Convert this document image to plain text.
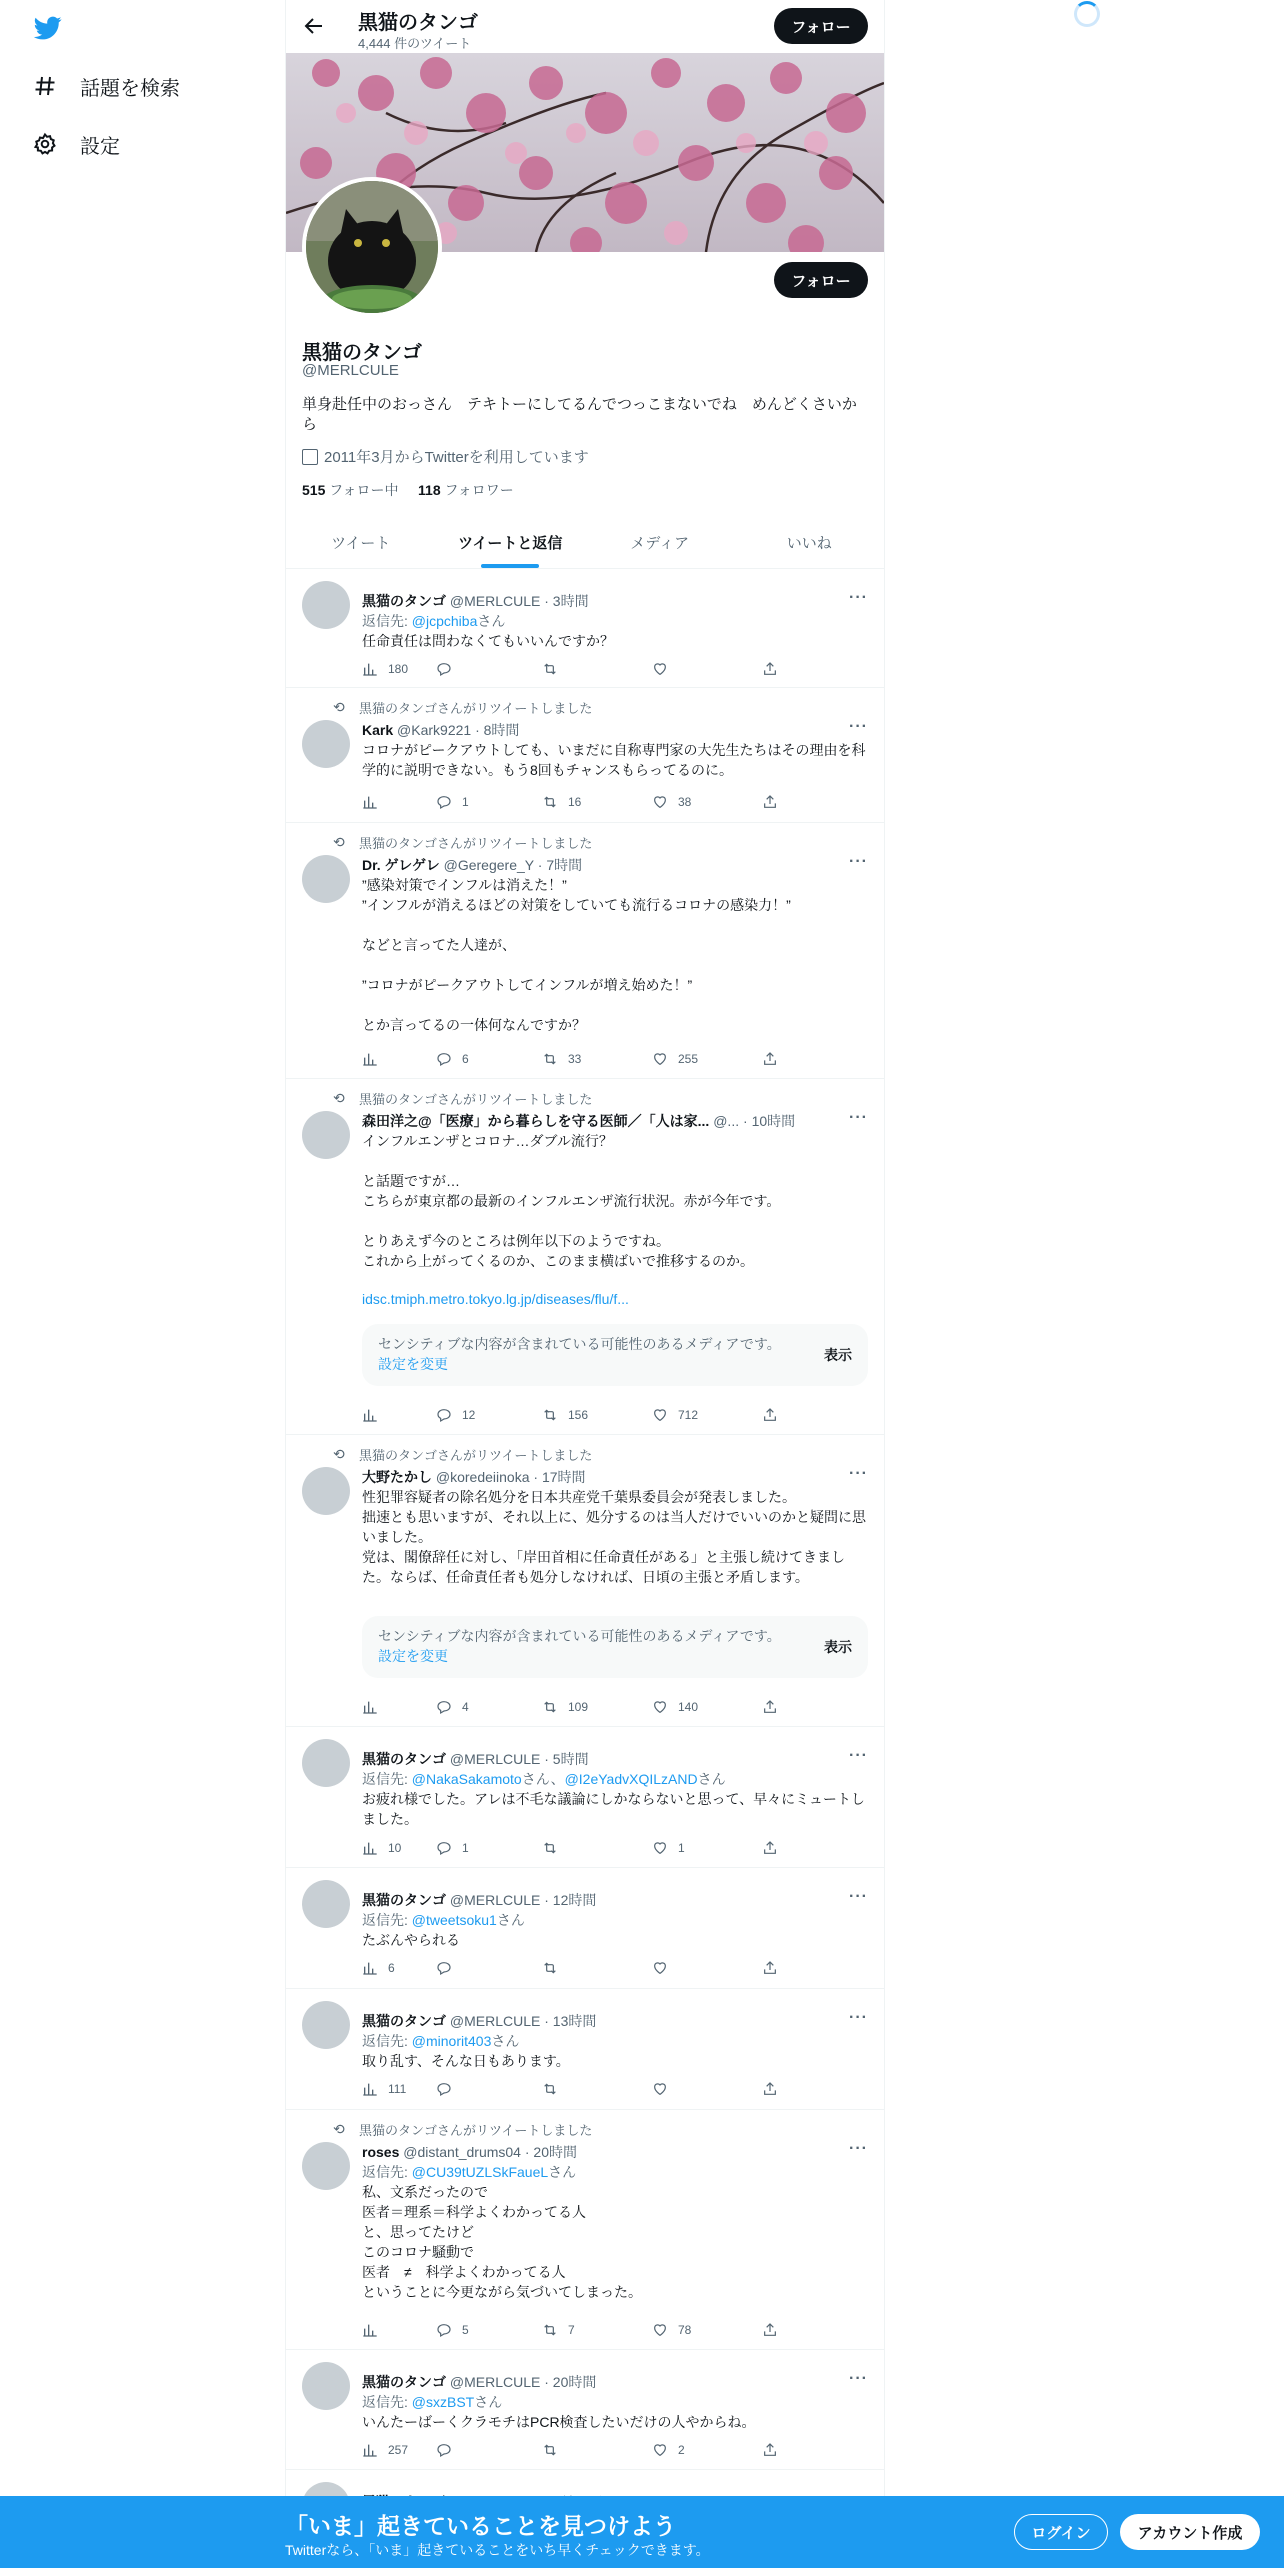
話題を検索
設定
黒猫のタンゴ
4,444 件のツイート
フォロー
フォロー
黒猫のタンゴ
@MERLCULE
単身赴任中のおっさん　テキトーにしてるんでつっこまないでね　めんどくさいから
2011年3月からTwitterを利用しています
515 フォロー中 118 フォロワー
ツイート	ツイートと返信	メディア	いいね
黒猫のタンゴ @MERLCULE · 3時間	···
返信先: @jcpchibaさん
任命責任は問わなくてもいいんですか？
180
⟲	黒猫のタンゴさんがリツイートしました
Kark @Kark9221 · 8時間	···
コロナがピークアウトしても、いまだに自称専門家の大先生たちはその理由を科学的に説明できない。もう8回もチャンスもらってるのに。
1	16	38
⟲	黒猫のタンゴさんがリツイートしました
Dr. ゲレゲレ @Geregere_Y · 7時間	···
”感染対策でインフルは消えた！”
”インフルが消えるほどの対策をしていても流行るコロナの感染力！”

などと言ってた人達が、

”コロナがピークアウトしてインフルが増え始めた！”

とか言ってるの一体何なんですか？
6	33	255
⟲	黒猫のタンゴさんがリツイートしました
森田洋之@「医療」から暮らしを守る医師／「人は家... @... · 10時間	···
インフルエンザとコロナ…ダブル流行？

と話題ですが…
こちらが東京都の最新のインフルエンザ流行状況。赤が今年です。

とりあえず今のところは例年以下のようですね。
これから上がってくるのか、このまま横ばいで推移するのか。
idsc.tmiph.metro.tokyo.lg.jp/diseases/flu/f...
センシティブな内容が含まれている可能性のあるメディアです。設定を変更
表示
12	156	712
⟲	黒猫のタンゴさんがリツイートしました
大野たかし @koredeiinoka · 17時間	···
性犯罪容疑者の除名処分を日本共産党千葉県委員会が発表しました。
拙速とも思いますが、それ以上に、処分するのは当人だけでいいのかと疑問に思いました。
党は、閣僚辞任に対し、「岸田首相に任命責任がある」と主張し続けてきました。ならば、任命責任者も処分しなければ、日頃の主張と矛盾します。
センシティブな内容が含まれている可能性のあるメディアです。設定を変更
表示
4	109	140
黒猫のタンゴ @MERLCULE · 5時間	···
返信先: @NakaSakamotoさん、@I2eYadvXQILzANDさん
お疲れ様でした。アレは不毛な議論にしかならないと思って、早々にミュートしました。
10	1	1
黒猫のタンゴ @MERLCULE · 12時間	···
返信先: @tweetsoku1さん
たぶんやられる
6
黒猫のタンゴ @MERLCULE · 13時間	···
返信先: @minorit403さん
取り乱す、そんな日もあります。
111
⟲	黒猫のタンゴさんがリツイートしました
roses @distant_drums04 · 20時間	···
返信先: @CU39tUZLSkFaueLさん
私、文系だったので
医者＝理系＝科学よくわかってる人
と、思ってたけど
このコロナ騒動で
医者　≠　科学よくわかってる人
ということに今更ながら気づいてしまった。
5	7	78
黒猫のタンゴ @MERLCULE · 20時間	···
返信先: @sxzBSTさん
いんたーばーくクラモチはPCR検査したいだけの人やからね。
257	2
「いま」起きていることを見つけよう
Twitterなら、「いま」起きていることをいち早くチェックできます。
ログイン	アカウント作成
